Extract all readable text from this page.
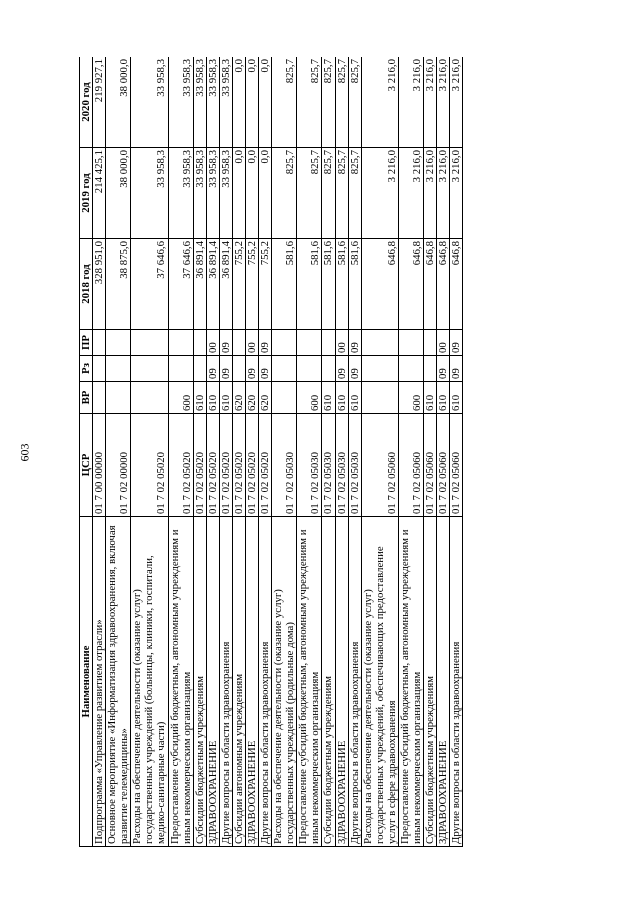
603
Наименование	ЦСР	ВР	Рз	ПР	2018 год	2019 год	2020 год
Подпрограмма «Управление развитием отрасли»	01 7 00 00000				328 951,0	214 425,1	219 927,1
Основное мероприятие «Информатизация здравоохранения, включая развитие телемедицины»	01 7 02 00000				38 875,0	38 000,0	38 000,0
Расходы на обеспечение деятельности (оказание услуг) государственных учреждений (больницы, клиники, госпитали, медико-санитарные части)	01 7 02 05020				37 646,6	33 958,3	33 958,3
Предоставление субсидий бюджетным, автономным учреждениям и иным некоммерческим организациям	01 7 02 05020	600			37 646,6	33 958,3	33 958,3
Субсидии бюджетным учреждениям	01 7 02 05020	610			36 891,4	33 958,3	33 958,3
ЗДРАВООХРАНЕНИЕ	01 7 02 05020	610	09	00	36 891,4	33 958,3	33 958,3
Другие вопросы в области здравоохранения	01 7 02 05020	610	09	09	36 891,4	33 958,3	33 958,3
Субсидии автономным учреждениям	01 7 02 05020	620			755,2	0,0	0,0
ЗДРАВООХРАНЕНИЕ	01 7 02 05020	620	09	00	755,2	0,0	0,0
Другие вопросы в области здравоохранения	01 7 02 05020	620	09	09	755,2	0,0	0,0
Расходы на обеспечение деятельности (оказание услуг) государственных учреждений (родильные дома)	01 7 02 05030				581,6	825,7	825,7
Предоставление субсидий бюджетным, автономным учреждениям и иным некоммерческим организациям	01 7 02 05030	600			581,6	825,7	825,7
Субсидии бюджетным учреждениям	01 7 02 05030	610			581,6	825,7	825,7
ЗДРАВООХРАНЕНИЕ	01 7 02 05030	610	09	00	581,6	825,7	825,7
Другие вопросы в области здравоохранения	01 7 02 05030	610	09	09	581,6	825,7	825,7
Расходы на обеспечение деятельности (оказание услуг) государственных учреждений, обеспечивающих предоставление услуг в сфере здравоохранения	01 7 02 05060				646,8	3 216,0	3 216,0
Предоставление субсидий бюджетным, автономным учреждениям и иным некоммерческим организациям	01 7 02 05060	600			646,8	3 216,0	3 216,0
Субсидии бюджетным учреждениям	01 7 02 05060	610			646,8	3 216,0	3 216,0
ЗДРАВООХРАНЕНИЕ	01 7 02 05060	610	09	00	646,8	3 216,0	3 216,0
Другие вопросы в области здравоохранения	01 7 02 05060	610	09	09	646,8	3 216,0	3 216,0
